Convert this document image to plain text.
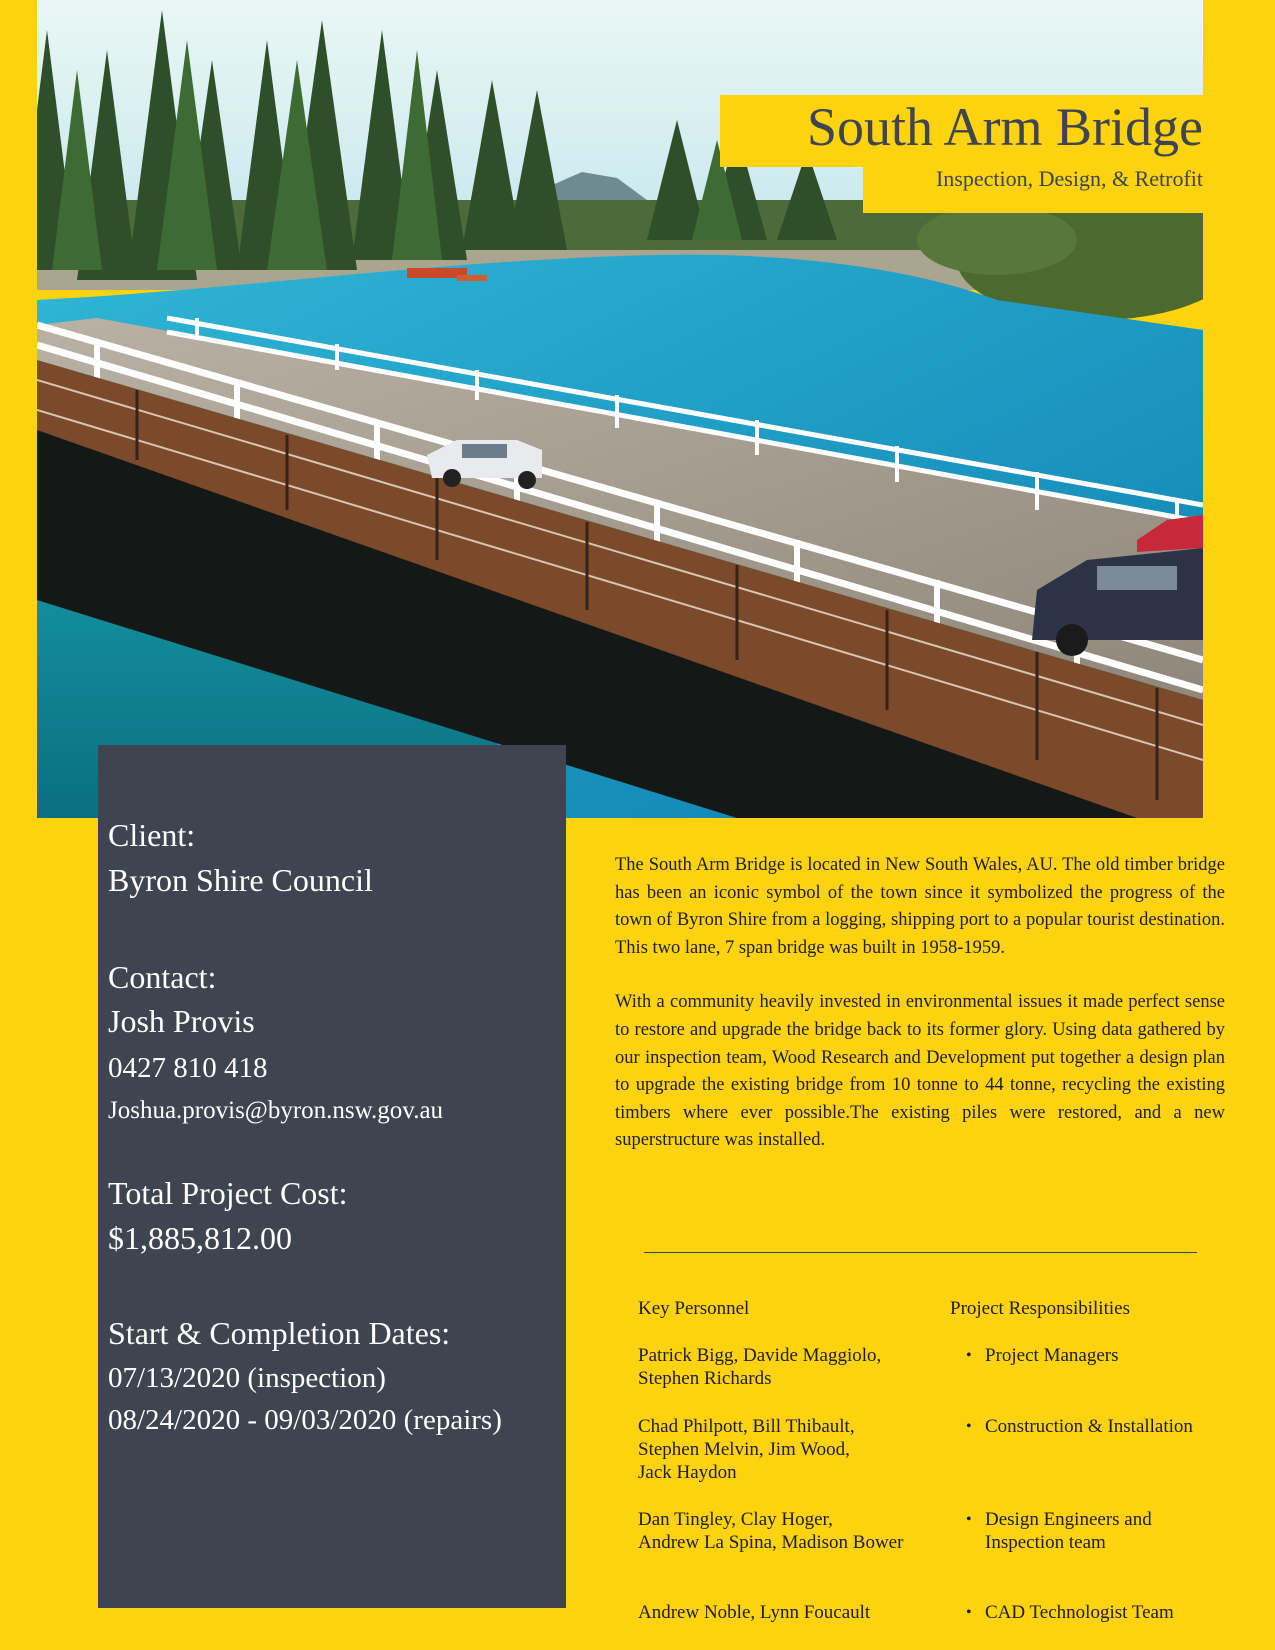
South Arm Bridge
Inspection, Design, & Retrofit
Client:
Byron Shire Council
Contact:
Josh Provis
0427 810 418
Joshua.provis@byron.nsw.gov.au
Total Project Cost:
$1,885,812.00
Start & Completion Dates:
07/13/2020 (inspection)
08/24/2020 - 09/03/2020 (repairs)

The South Arm Bridge is located in New South Wales, AU. The old timber bridge has been an iconic symbol of the town since it symbolized the progress of the town of Byron Shire from a logging, shipping port to a popular tourist destination. This two lane, 7 span bridge was built in 1958-1959.

With a community heavily invested in environmental issues it made perfect sense to restore and upgrade the bridge back to its former glory. Using data gathered by our inspection team, Wood Research and Development put together a design plan to upgrade the existing bridge from 10 tonne to 44 tonne, recycling the existing timbers where ever possible.The existing piles were restored, and a new superstructure was installed.

Key Personnel	Project Responsibilities
Patrick Bigg, Davide Maggiolo,
Stephen Richards
• Project Managers
Chad Philpott, Bill Thibault,
Stephen Melvin, Jim Wood,
Jack Haydon
• Construction & Installation
Dan Tingley, Clay Hoger,
Andrew La Spina, Madison Bower
• Design Engineers and
Inspection team
Andrew Noble, Lynn Foucault
•	CAD Technologist Team
